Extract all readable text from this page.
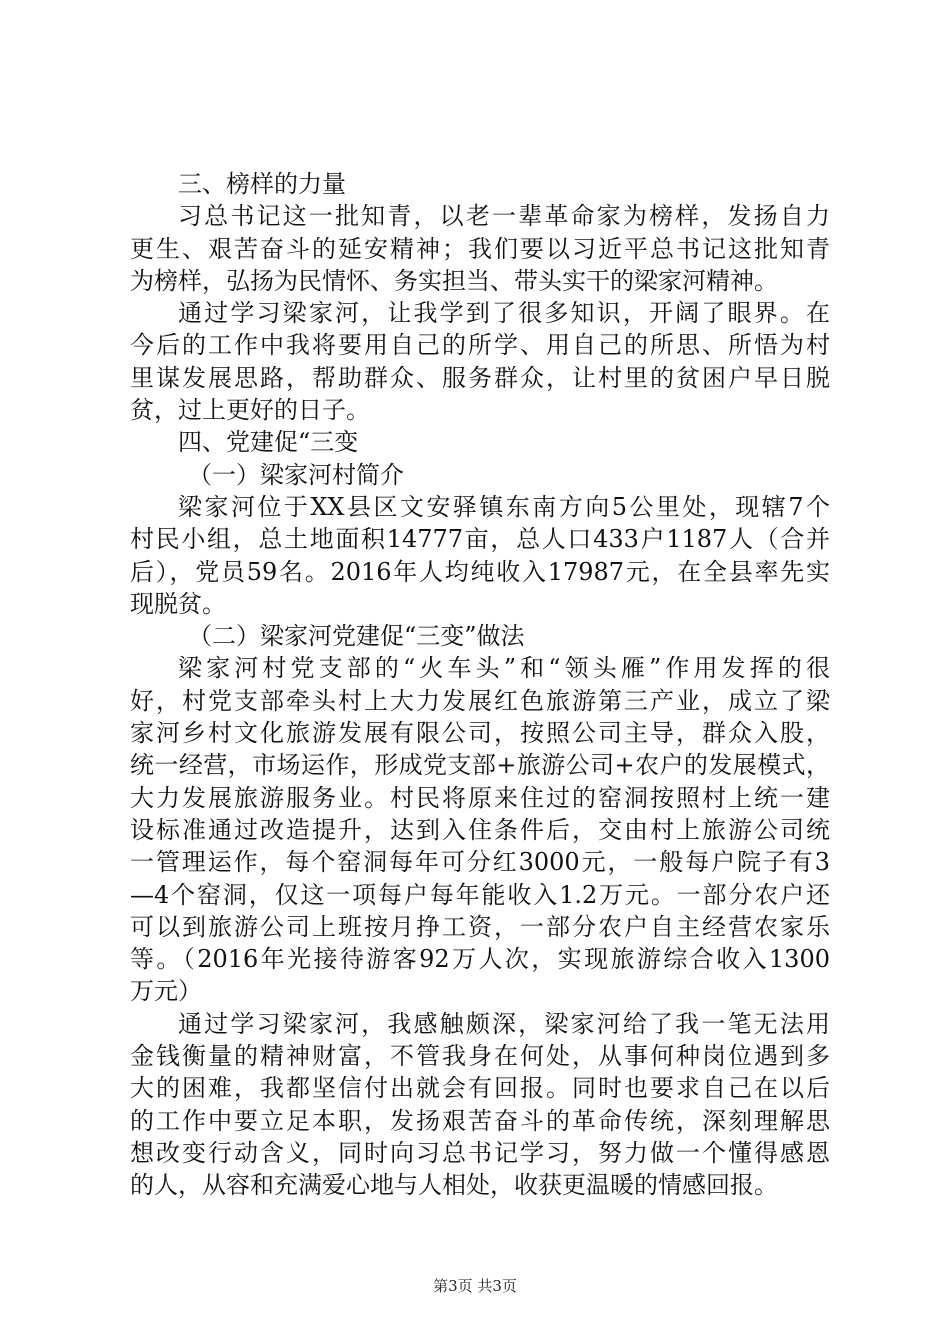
三、榜样的力量
习总书记这一批知青，以老一辈革命家为榜样，发扬自力
更生、艰苦奋斗的延安精神；我们要以习近平总书记这批知青
为榜样，弘扬为民情怀、务实担当、带头实干的梁家河精神。
通过学习梁家河，让我学到了很多知识，开阔了眼界。在
今后的工作中我将要用自己的所学、用自己的所思、所悟为村
里谋发展思路，帮助群众、服务群众，让村里的贫困户早日脱
贫，过上更好的日子。
四、党建促“三变
（一）梁家河村简介
梁家河位于XX县区文安驿镇东南方向5公里处，现辖7个
村民小组，总土地面积14777亩，总人口433户1187人（合并
后），党员59名。2016年人均纯收入17987元，在全县率先实
现脱贫。
（二）梁家河党建促“三变”做法
梁家河村党支部的“火车头”和“领头雁”作用发挥的很
好，村党支部牵头村上大力发展红色旅游第三产业，成立了梁
家河乡村文化旅游发展有限公司，按照公司主导，群众入股，
统一经营，市场运作，形成党支部+旅游公司+农户的发展模式，
大力发展旅游服务业。村民将原来住过的窑洞按照村上统一建
设标准通过改造提升，达到入住条件后，交由村上旅游公司统
一管理运作，每个窑洞每年可分红3000元，一般每户院子有3
—4个窑洞，仅这一项每户每年能收入1.2万元。一部分农户还
可以到旅游公司上班按月挣工资，一部分农户自主经营农家乐
等。（2016年光接待游客92万人次，实现旅游综合收入1300
万元）
通过学习梁家河，我感触颇深，梁家河给了我一笔无法用
金钱衡量的精神财富，不管我身在何处，从事何种岗位遇到多
大的困难，我都坚信付出就会有回报。同时也要求自己在以后
的工作中要立足本职，发扬艰苦奋斗的革命传统，深刻理解思
想改变行动含义，同时向习总书记学习，努力做一个懂得感恩
的人，从容和充满爱心地与人相处，收获更温暖的情感回报。
第3页 共3页
